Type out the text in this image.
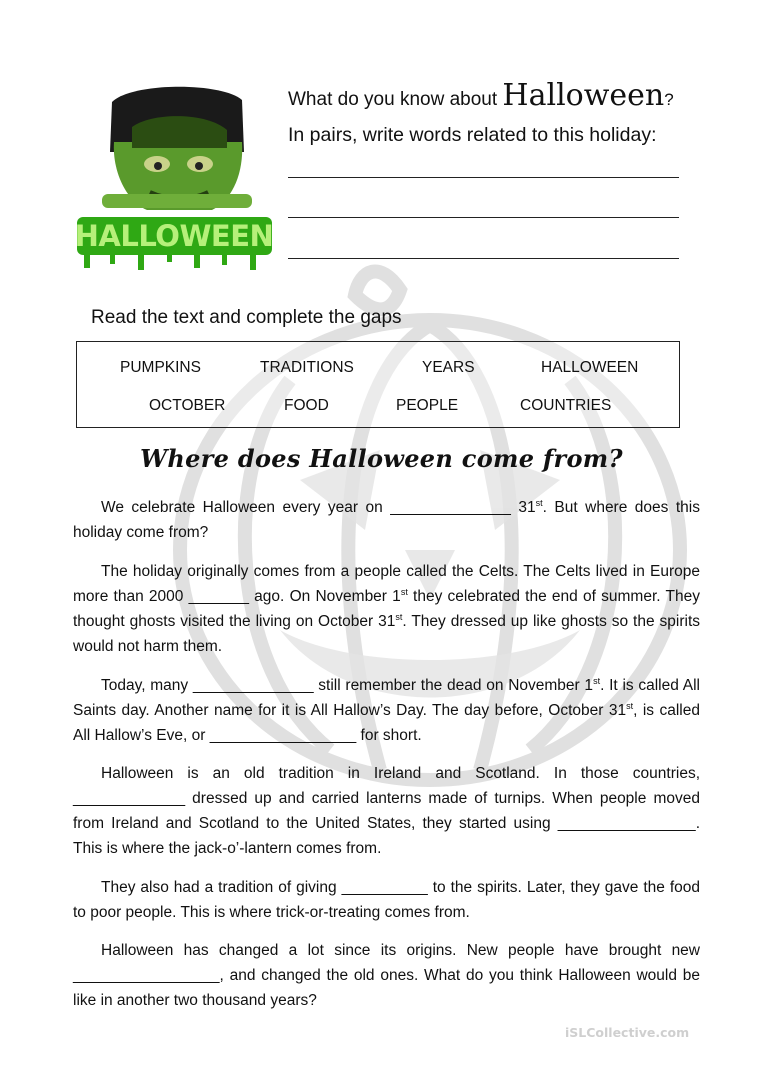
HALLOWEEN
What do you know about Halloween?
In pairs, write words related to this holiday:
Read the text and complete the gaps
PUMPKINS	TRADITIONS	YEARS	HALLOWEEN
OCTOBER	FOOD	PEOPLE	COUNTRIES
Where does Halloween come from?
We celebrate Halloween every year on ______________ 31st. But where does this holiday come from?
The holiday originally comes from a people called the Celts. The Celts lived in Europe more than 2000 _______ ago. On November 1st they celebrated the end of summer. They thought ghosts visited the living on October 31st. They dressed up like ghosts so the spirits would not harm them.
Today, many ______________ still remember the dead on November 1st. It is called All Saints day. Another name for it is All Hallow’s Day. The day before, October 31st, is called All Hallow’s Eve, or _________________ for short.
Halloween is an old tradition in Ireland and Scotland. In those countries, _____________ dressed up and carried lanterns made of turnips. When people moved from Ireland and Scotland to the United States, they started using ________________. This is where the jack-o’-lantern comes from.
They also had a tradition of giving __________ to the spirits. Later, they gave the food to poor people. This is where trick-or-treating comes from.
Halloween has changed a lot since its origins. New people have brought new _________________, and changed the old ones. What do you think Halloween would be like in another two thousand years?
iSLCollective.com
